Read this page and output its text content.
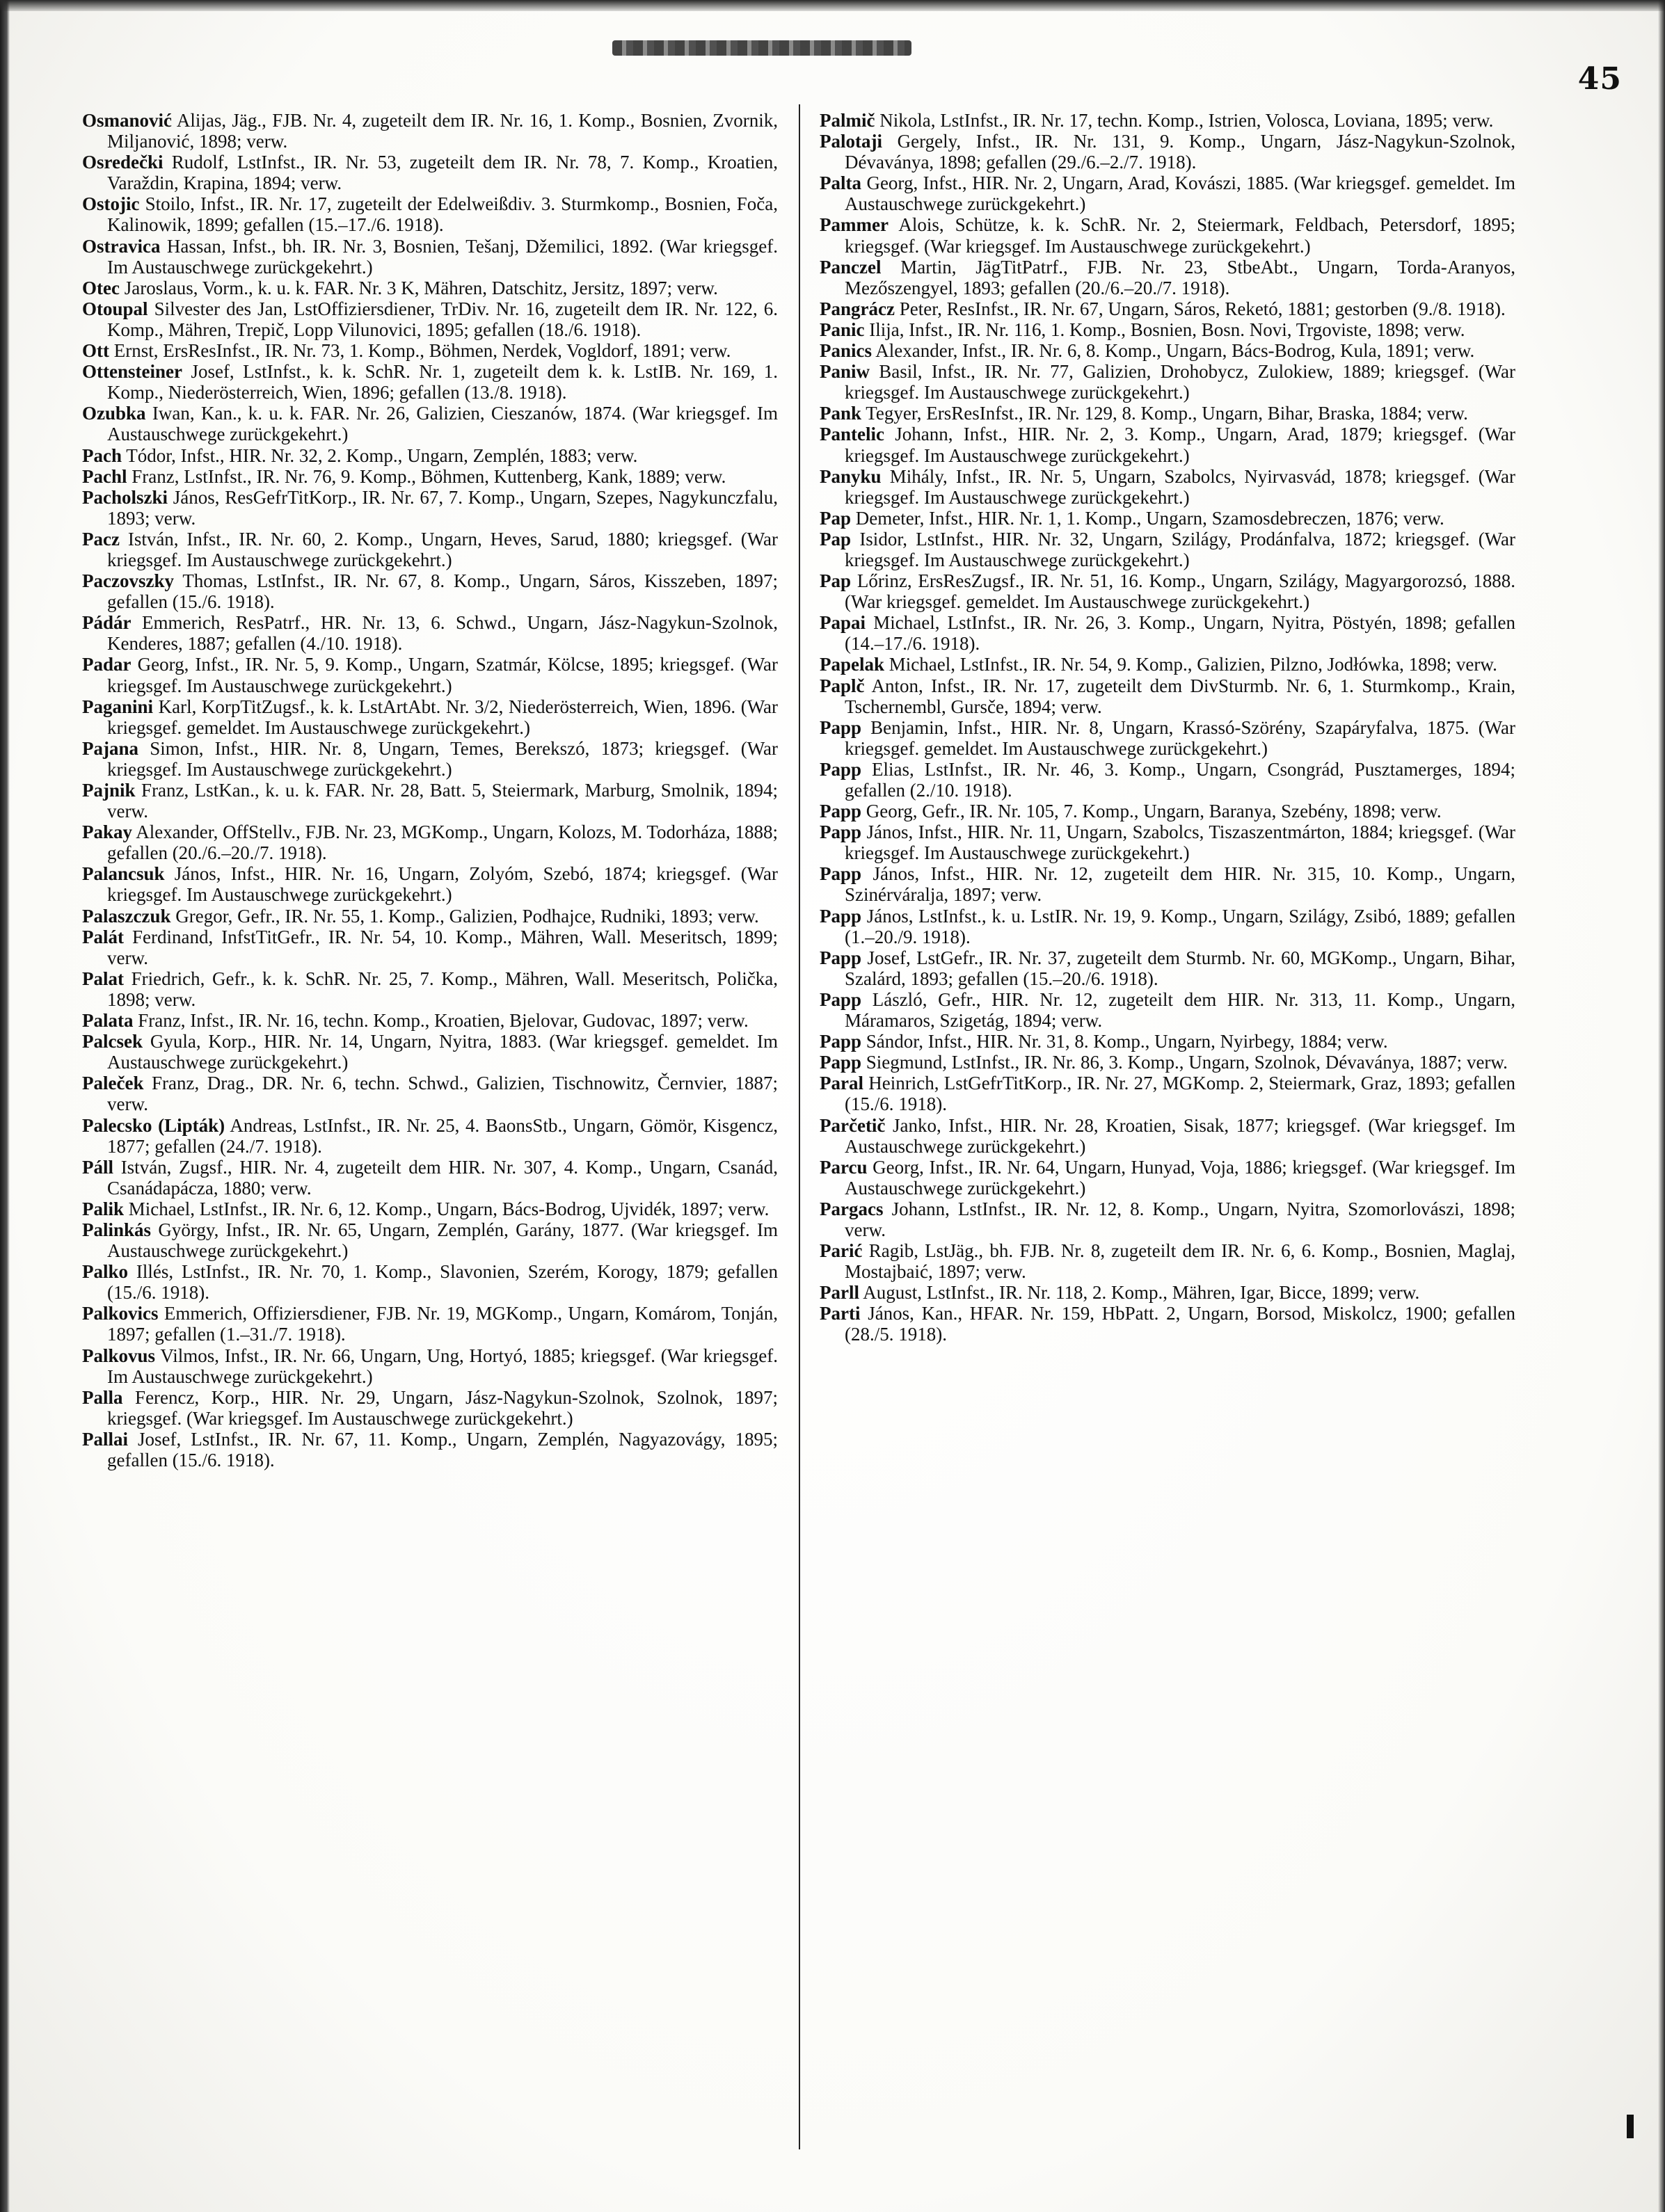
45

Osmanović Alijas, Jäg., FJB. Nr. 4, zugeteilt dem IR. Nr. 16, 1. Komp., Bosnien, Zvornik, Miljanović, 1898; verw.

Osredečki Rudolf, LstInfst., IR. Nr. 53, zugeteilt dem IR. Nr. 78, 7. Komp., Kroatien, Varaždin, Krapina, 1894; verw.

Ostojic Stoilo, Infst., IR. Nr. 17, zugeteilt der Edelweißdiv. 3. Sturmkomp., Bosnien, Foča, Kalinowik, 1899; gefallen (15.–17./6. 1918).

Ostravica Hassan, Infst., bh. IR. Nr. 3, Bosnien, Tešanj, Džemilici, 1892. (War kriegsgef. Im Austauschwege zurückgekehrt.)

Otec Jaroslaus, Vorm., k. u. k. FAR. Nr. 3 K, Mähren, Datschitz, Jersitz, 1897; verw.

Otoupal Silvester des Jan, LstOffiziersdiener, TrDiv. Nr. 16, zugeteilt dem IR. Nr. 122, 6. Komp., Mähren, Trepič, Lopp Vilunovici, 1895; gefallen (18./6. 1918).

Ott Ernst, ErsResInfst., IR. Nr. 73, 1. Komp., Böhmen, Nerdek, Vogldorf, 1891; verw.

Ottensteiner Josef, LstInfst., k. k. SchR. Nr. 1, zugeteilt dem k. k. LstIB. Nr. 169, 1. Komp., Niederösterreich, Wien, 1896; gefallen (13./8. 1918).

Ozubka Iwan, Kan., k. u. k. FAR. Nr. 26, Galizien, Cieszanów, 1874. (War kriegsgef. Im Austauschwege zurückgekehrt.)

Pach Tódor, Infst., HIR. Nr. 32, 2. Komp., Ungarn, Zemplén, 1883; verw.

Pachl Franz, LstInfst., IR. Nr. 76, 9. Komp., Böhmen, Kuttenberg, Kank, 1889; verw.

Pacholszki János, ResGefrTitKorp., IR. Nr. 67, 7. Komp., Ungarn, Szepes, Nagykunczfalu, 1893; verw.

Pacz István, Infst., IR. Nr. 60, 2. Komp., Ungarn, Heves, Sarud, 1880; kriegsgef. (War kriegsgef. Im Austauschwege zurückgekehrt.)

Paczovszky Thomas, LstInfst., IR. Nr. 67, 8. Komp., Ungarn, Sáros, Kisszeben, 1897; gefallen (15./6. 1918).

Pádár Emmerich, ResPatrf., HR. Nr. 13, 6. Schwd., Ungarn, Jász-Nagykun-Szolnok, Kenderes, 1887; gefallen (4./10. 1918).

Padar Georg, Infst., IR. Nr. 5, 9. Komp., Ungarn, Szatmár, Kölcse, 1895; kriegsgef. (War kriegsgef. Im Austauschwege zurückgekehrt.)

Paganini Karl, KorpTitZugsf., k. k. LstArtAbt. Nr. 3/2, Niederösterreich, Wien, 1896. (War kriegsgef. gemeldet. Im Austauschwege zurückgekehrt.)

Pajana Simon, Infst., HIR. Nr. 8, Ungarn, Temes, Berekszó, 1873; kriegsgef. (War kriegsgef. Im Austauschwege zurückgekehrt.)

Pajnik Franz, LstKan., k. u. k. FAR. Nr. 28, Batt. 5, Steiermark, Marburg, Smolnik, 1894; verw.

Pakay Alexander, OffStellv., FJB. Nr. 23, MGKomp., Ungarn, Kolozs, M. Todorháza, 1888; gefallen (20./6.–20./7. 1918).

Palancsuk János, Infst., HIR. Nr. 16, Ungarn, Zolyóm, Szebó, 1874; kriegsgef. (War kriegsgef. Im Austauschwege zurückgekehrt.)

Palaszczuk Gregor, Gefr., IR. Nr. 55, 1. Komp., Galizien, Podhajce, Rudniki, 1893; verw.

Palát Ferdinand, InfstTitGefr., IR. Nr. 54, 10. Komp., Mähren, Wall. Meseritsch, 1899; verw.

Palat Friedrich, Gefr., k. k. SchR. Nr. 25, 7. Komp., Mähren, Wall. Meseritsch, Polička, 1898; verw.

Palata Franz, Infst., IR. Nr. 16, techn. Komp., Kroatien, Bjelovar, Gudovac, 1897; verw.

Palcsek Gyula, Korp., HIR. Nr. 14, Ungarn, Nyitra, 1883. (War kriegsgef. gemeldet. Im Austauschwege zurückgekehrt.)

Paleček Franz, Drag., DR. Nr. 6, techn. Schwd., Galizien, Tischnowitz, Černvier, 1887; verw.

Palecsko (Lipták) Andreas, LstInfst., IR. Nr. 25, 4. BaonsStb., Ungarn, Gömör, Kisgencz, 1877; gefallen (24./7. 1918).

Páll István, Zugsf., HIR. Nr. 4, zugeteilt dem HIR. Nr. 307, 4. Komp., Ungarn, Csanád, Csanádapácza, 1880; verw.

Palik Michael, LstInfst., IR. Nr. 6, 12. Komp., Ungarn, Bács-Bodrog, Ujvidék, 1897; verw.

Palinkás György, Infst., IR. Nr. 65, Ungarn, Zemplén, Garány, 1877. (War kriegsgef. Im Austauschwege zurückgekehrt.)

Palko Illés, LstInfst., IR. Nr. 70, 1. Komp., Slavonien, Szerém, Korogy, 1879; gefallen (15./6. 1918).

Palkovics Emmerich, Offiziersdiener, FJB. Nr. 19, MGKomp., Ungarn, Komárom, Tonján, 1897; gefallen (1.–31./7. 1918).

Palkovus Vilmos, Infst., IR. Nr. 66, Ungarn, Ung, Hortyó, 1885; kriegsgef. (War kriegsgef. Im Austauschwege zurückgekehrt.)

Palla Ferencz, Korp., HIR. Nr. 29, Ungarn, Jász-Nagykun-Szolnok, Szolnok, 1897; kriegsgef. (War kriegsgef. Im Austauschwege zurückgekehrt.)

Pallai Josef, LstInfst., IR. Nr. 67, 11. Komp., Ungarn, Zemplén, Nagyazovágy, 1895; gefallen (15./6. 1918).

Palmič Nikola, LstInfst., IR. Nr. 17, techn. Komp., Istrien, Volosca, Loviana, 1895; verw.

Palotaji Gergely, Infst., IR. Nr. 131, 9. Komp., Ungarn, Jász-Nagykun-Szolnok, Dévaványa, 1898; gefallen (29./6.–2./7. 1918).

Palta Georg, Infst., HIR. Nr. 2, Ungarn, Arad, Kovászi, 1885. (War kriegsgef. gemeldet. Im Austauschwege zurückgekehrt.)

Pammer Alois, Schütze, k. k. SchR. Nr. 2, Steiermark, Feldbach, Petersdorf, 1895; kriegsgef. (War kriegsgef. Im Austauschwege zurückgekehrt.)

Panczel Martin, JägTitPatrf., FJB. Nr. 23, StbeAbt., Ungarn, Torda-Aranyos, Mezőszengyel, 1893; gefallen (20./6.–20./7. 1918).

Pangrácz Peter, ResInfst., IR. Nr. 67, Ungarn, Sáros, Reketó, 1881; gestorben (9./8. 1918).

Panic Ilija, Infst., IR. Nr. 116, 1. Komp., Bosnien, Bosn. Novi, Trgoviste, 1898; verw.

Panics Alexander, Infst., IR. Nr. 6, 8. Komp., Ungarn, Bács-Bodrog, Kula, 1891; verw.

Paniw Basil, Infst., IR. Nr. 77, Galizien, Drohobycz, Zulokiew, 1889; kriegsgef. (War kriegsgef. Im Austauschwege zurückgekehrt.)

Pank Tegyer, ErsResInfst., IR. Nr. 129, 8. Komp., Ungarn, Bihar, Braska, 1884; verw.

Pantelic Johann, Infst., HIR. Nr. 2, 3. Komp., Ungarn, Arad, 1879; kriegsgef. (War kriegsgef. Im Austauschwege zurückgekehrt.)

Panyku Mihály, Infst., IR. Nr. 5, Ungarn, Szabolcs, Nyirvasvád, 1878; kriegsgef. (War kriegsgef. Im Austauschwege zurückgekehrt.)

Pap Demeter, Infst., HIR. Nr. 1, 1. Komp., Ungarn, Szamosdebreczen, 1876; verw.

Pap Isidor, LstInfst., HIR. Nr. 32, Ungarn, Szilágy, Prodánfalva, 1872; kriegsgef. (War kriegsgef. Im Austauschwege zurückgekehrt.)

Pap Lőrinz, ErsResZugsf., IR. Nr. 51, 16. Komp., Ungarn, Szilágy, Magyargorozsó, 1888. (War kriegsgef. gemeldet. Im Austauschwege zurückgekehrt.)

Papai Michael, LstInfst., IR. Nr. 26, 3. Komp., Ungarn, Nyitra, Pöstyén, 1898; gefallen (14.–17./6. 1918).

Papelak Michael, LstInfst., IR. Nr. 54, 9. Komp., Galizien, Pilzno, Jodłówka, 1898; verw.

Paplč Anton, Infst., IR. Nr. 17, zugeteilt dem DivSturmb. Nr. 6, 1. Sturmkomp., Krain, Tschernembl, Gursče, 1894; verw.

Papp Benjamin, Infst., HIR. Nr. 8, Ungarn, Krassó-Szörény, Szapáryfalva, 1875. (War kriegsgef. gemeldet. Im Austauschwege zurückgekehrt.)

Papp Elias, LstInfst., IR. Nr. 46, 3. Komp., Ungarn, Csongrád, Pusztamerges, 1894; gefallen (2./10. 1918).

Papp Georg, Gefr., IR. Nr. 105, 7. Komp., Ungarn, Baranya, Szebény, 1898; verw.

Papp János, Infst., HIR. Nr. 11, Ungarn, Szabolcs, Tiszaszentmárton, 1884; kriegsgef. (War kriegsgef. Im Austauschwege zurückgekehrt.)

Papp János, Infst., HIR. Nr. 12, zugeteilt dem HIR. Nr. 315, 10. Komp., Ungarn, Szinérváralja, 1897; verw.

Papp János, LstInfst., k. u. LstIR. Nr. 19, 9. Komp., Ungarn, Szilágy, Zsibó, 1889; gefallen (1.–20./9. 1918).

Papp Josef, LstGefr., IR. Nr. 37, zugeteilt dem Sturmb. Nr. 60, MGKomp., Ungarn, Bihar, Szalárd, 1893; gefallen (15.–20./6. 1918).

Papp László, Gefr., HIR. Nr. 12, zugeteilt dem HIR. Nr. 313, 11. Komp., Ungarn, Máramaros, Szigetág, 1894; verw.

Papp Sándor, Infst., HIR. Nr. 31, 8. Komp., Ungarn, Nyirbegy, 1884; verw.

Papp Siegmund, LstInfst., IR. Nr. 86, 3. Komp., Ungarn, Szolnok, Dévaványa, 1887; verw.

Paral Heinrich, LstGefrTitKorp., IR. Nr. 27, MGKomp. 2, Steiermark, Graz, 1893; gefallen (15./6. 1918).

Parčetič Janko, Infst., HIR. Nr. 28, Kroatien, Sisak, 1877; kriegsgef. (War kriegsgef. Im Austauschwege zurückgekehrt.)

Parcu Georg, Infst., IR. Nr. 64, Ungarn, Hunyad, Voja, 1886; kriegsgef. (War kriegsgef. Im Austauschwege zurückgekehrt.)

Pargacs Johann, LstInfst., IR. Nr. 12, 8. Komp., Ungarn, Nyitra, Szomorlovászi, 1898; verw.

Parić Ragib, LstJäg., bh. FJB. Nr. 8, zugeteilt dem IR. Nr. 6, 6. Komp., Bosnien, Maglaj, Mostajbaić, 1897; verw.

Parll August, LstInfst., IR. Nr. 118, 2. Komp., Mähren, Igar, Bicce, 1899; verw.

Parti János, Kan., HFAR. Nr. 159, HbPatt. 2, Ungarn, Borsod, Miskolcz, 1900; gefallen (28./5. 1918).
